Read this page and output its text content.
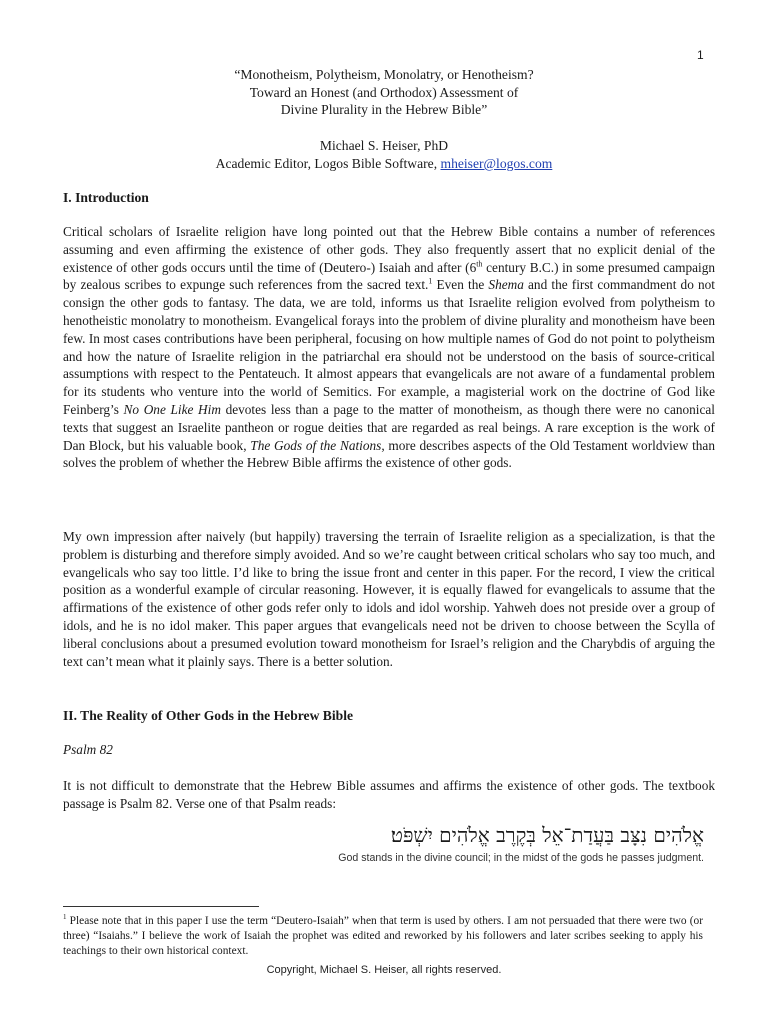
1
“Monotheism, Polytheism, Monolatry, or Henotheism?
Toward an Honest (and Orthodox) Assessment of
Divine Plurality in the Hebrew Bible”
Michael S. Heiser, PhD
Academic Editor, Logos Bible Software, mheiser@logos.com
I. Introduction
Critical scholars of Israelite religion have long pointed out that the Hebrew Bible contains a number of references assuming and even affirming the existence of other gods. They also frequently assert that no explicit denial of the existence of other gods occurs until the time of (Deutero-) Isaiah and after (6th century B.C.) in some presumed campaign by zealous scribes to expunge such references from the sacred text.$^1$ Even the Shema and the first commandment do not consign the other gods to fantasy. The data, we are told, informs us that Israelite religion evolved from polytheism to henotheistic monolatry to monotheism. Evangelical forays into the problem of divine plurality and monotheism have been few. In most cases contributions have been peripheral, focusing on how multiple names of God do not point to polytheism and how the nature of Israelite religion in the patriarchal era should not be understood on the basis of source-critical assumptions with respect to the Pentateuch. It almost appears that evangelicals are not aware of a fundamental problem for its students who venture into the world of Semitics. For example, a magisterial work on the doctrine of God like Feinberg’s No One Like Him devotes less than a page to the matter of monotheism, as though there were no canonical texts that suggest an Israelite pantheon or rogue deities that are regarded as real beings. A rare exception is the work of Dan Block, but his valuable book, The Gods of the Nations, more describes aspects of the Old Testament worldview than solves the problem of whether the Hebrew Bible affirms the existence of other gods.
My own impression after naively (but happily) traversing the terrain of Israelite religion as a specialization, is that the problem is disturbing and therefore simply avoided. And so we’re caught between critical scholars who say too much, and evangelicals who say too little. I’d like to bring the issue front and center in this paper. For the record, I view the critical position as a wonderful example of circular reasoning. However, it is equally flawed for evangelicals to assume that the affirmations of the existence of other gods refer only to idols and idol worship. Yahweh does not preside over a group of idols, and he is no idol maker. This paper argues that evangelicals need not be driven to choose between the Scylla of liberal conclusions about a presumed evolution toward monotheism for Israel’s religion and the Charybdis of arguing the text can’t mean what it plainly says. There is a better solution.
II. The Reality of Other Gods in the Hebrew Bible
Psalm 82
It is not difficult to demonstrate that the Hebrew Bible assumes and affirms the existence of other gods. The textbook passage is Psalm 82. Verse one of that Psalm reads:
אֱלֹהִים נִצָּב בַּעֲדַת־אֵל בְּקֶרֶב אֱלֹהִים יִשְׁפֹּט׃
God stands in the divine council; in the midst of the gods he passes judgment.
$^1$ Please note that in this paper I use the term “Deutero-Isaiah” when that term is used by others. I am not persuaded that there were two (or three) “Isaiahs.” I believe the work of Isaiah the prophet was edited and reworked by his followers and later scribes seeking to apply his teachings to their own historical context.
Copyright, Michael S. Heiser, all rights reserved.
